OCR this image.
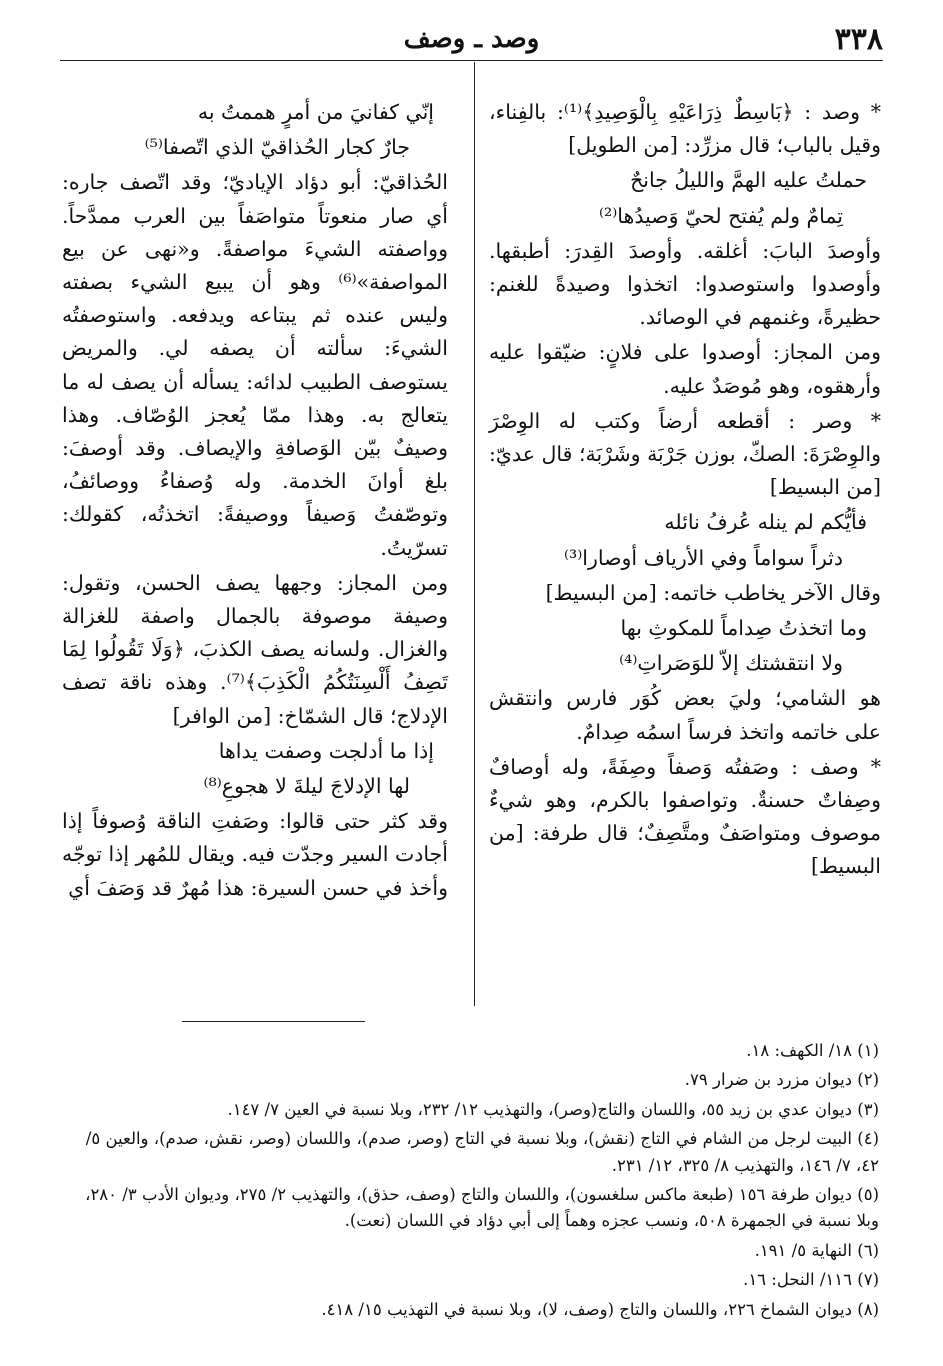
٣٣٨
وصد ـ وصف

* وصد : ﴿بَاسِطٌ ذِرَاعَيْهِ بِالْوَصِيدِ﴾⁽¹⁾: بالفِناء، وقيل بالباب؛ قال مزرِّد: [من الطويل]

حملتُ عليه الهمَّ والليلُ جانحٌ

تِمامٌ ولم يُفتح لحيّ وَصيدُها⁽²⁾

وأوصدَ البابَ: أغلقه. وأوصدَ القِدرَ: أطبقها. وأوصدوا واستوصدوا: اتخذوا وصيدةً للغنم: حظيرةً، وغنمهم في الوصائد.

ومن المجاز: أوصدوا على فلانٍ: ضيّقوا عليه وأرهقوه، وهو مُوصَدٌ عليه.

* وصر : أقطعه أرضاً وكتب له الوِصْرَ والوِصْرَةَ: الصكّ، بوزن جَرْبَة وشَرْبَة؛ قال عديّ: [من البسيط]

فأيُّكم لم ينله عُرفُ نائله

دثراً سواماً وفي الأرياف أوصارا⁽³⁾

وقال الآخر يخاطب خاتمه: [من البسيط]

وما اتخذتُ صِداماً للمكوثِ بها

ولا انتقشتك إلاّ للوَصَراتِ⁽⁴⁾

هو الشامي؛ وليَ بعض كُوَر فارس وانتقش على خاتمه واتخذ فرساً اسمُه صِدامٌ.

* وصف : وصَفتُه وَصفاً وصِفَةً، وله أوصافٌ وصِفاتٌ حسنةٌ. وتواصفوا بالكرم، وهو شيءٌ موصوف ومتواصَفٌ ومتَّصِفٌ؛ قال طرفة: [من البسيط]

إنّي كفانيَ من أمرٍ هممتُ به

جارٌ كجار الحُذاقيّ الذي اتّصفا⁽⁵⁾

الحُذاقيّ: أبو دؤاد الإياديّ؛ وقد اتّصف جاره: أي صار منعوتاً متواصَفاً بين العرب ممدَّحاً. وواصفته الشيءَ مواصفةً. و«نهى عن بيع المواصفة»⁽⁶⁾ وهو أن يبيع الشيء بصفته وليس عنده ثم يبتاعه ويدفعه. واستوصفتُه الشيءَ: سألته أن يصفه لي. والمريض يستوصف الطبيب لدائه: يسأله أن يصف له ما يتعالج به. وهذا ممّا يُعجز الوُصّاف. وهذا وصيفٌ بيّن الوَصافةِ والإيصاف. وقد أوصفَ: بلغ أوانَ الخدمة. وله وُصفاءُ ووصائفُ، وتوصّفتُ وَصيفاً ووصيفةً: اتخذتُه، كقولك: تسرّيتُ.

ومن المجاز: وجهها يصف الحسن، وتقول: وصيفة موصوفة بالجمال واصفة للغزالة والغزال. ولسانه يصف الكذبَ، ﴿وَلَا تَقُولُوا لِمَا تَصِفُ أَلْسِنَتُكُمُ الْكَذِبَ﴾⁽⁷⁾. وهذه ناقة تصف الإدلاج؛ قال الشمّاخ: [من الوافر]

إذا ما أدلجت وصفت يداها

لها الإدلاجَ ليلةَ لا هجوعِ⁽⁸⁾

وقد كثر حتى قالوا: وصَفتِ الناقة وُصوفاً إذا أجادت السير وجدّت فيه. ويقال للمُهر إذا توجّه وأخذ في حسن السيرة: هذا مُهرٌ قد وَصَفَ أي

(١) ١٨/ الكهف: ١٨.
(٢) ديوان مزرد بن ضرار ٧٩.
(٣) ديوان عدي بن زيد ٥٥، واللسان والتاج(وصر)، والتهذيب ١٢/ ٢٣٢، وبلا نسبة في العين ٧/ ١٤٧.
(٤) البيت لرجل من الشام في التاج (نقش)، وبلا نسبة في التاج (وصر، صدم)، واللسان (وصر، نقش، صدم)، والعين ٥/ ٤٢، ٧/ ١٤٦، والتهذيب ٨/ ٣٢٥، ١٢/ ٢٣١.
(٥) ديوان طرفة ١٥٦ (طبعة ماكس سلغسون)، واللسان والتاج (وصف، حذق)، والتهذيب ٢/ ٢٧٥، وديوان الأدب ٣/ ٢٨٠، وبلا نسبة في الجمهرة ٥٠٨، ونسب عجزه وهماً إلى أبي دؤاد في اللسان (نعت).
(٦) النهاية ٥/ ١٩١.
(٧) ١١٦/ النحل: ١٦.
(٨) ديوان الشماخ ٢٢٦، واللسان والتاج (وصف، لا)، وبلا نسبة في التهذيب ١٥/ ٤١٨.
